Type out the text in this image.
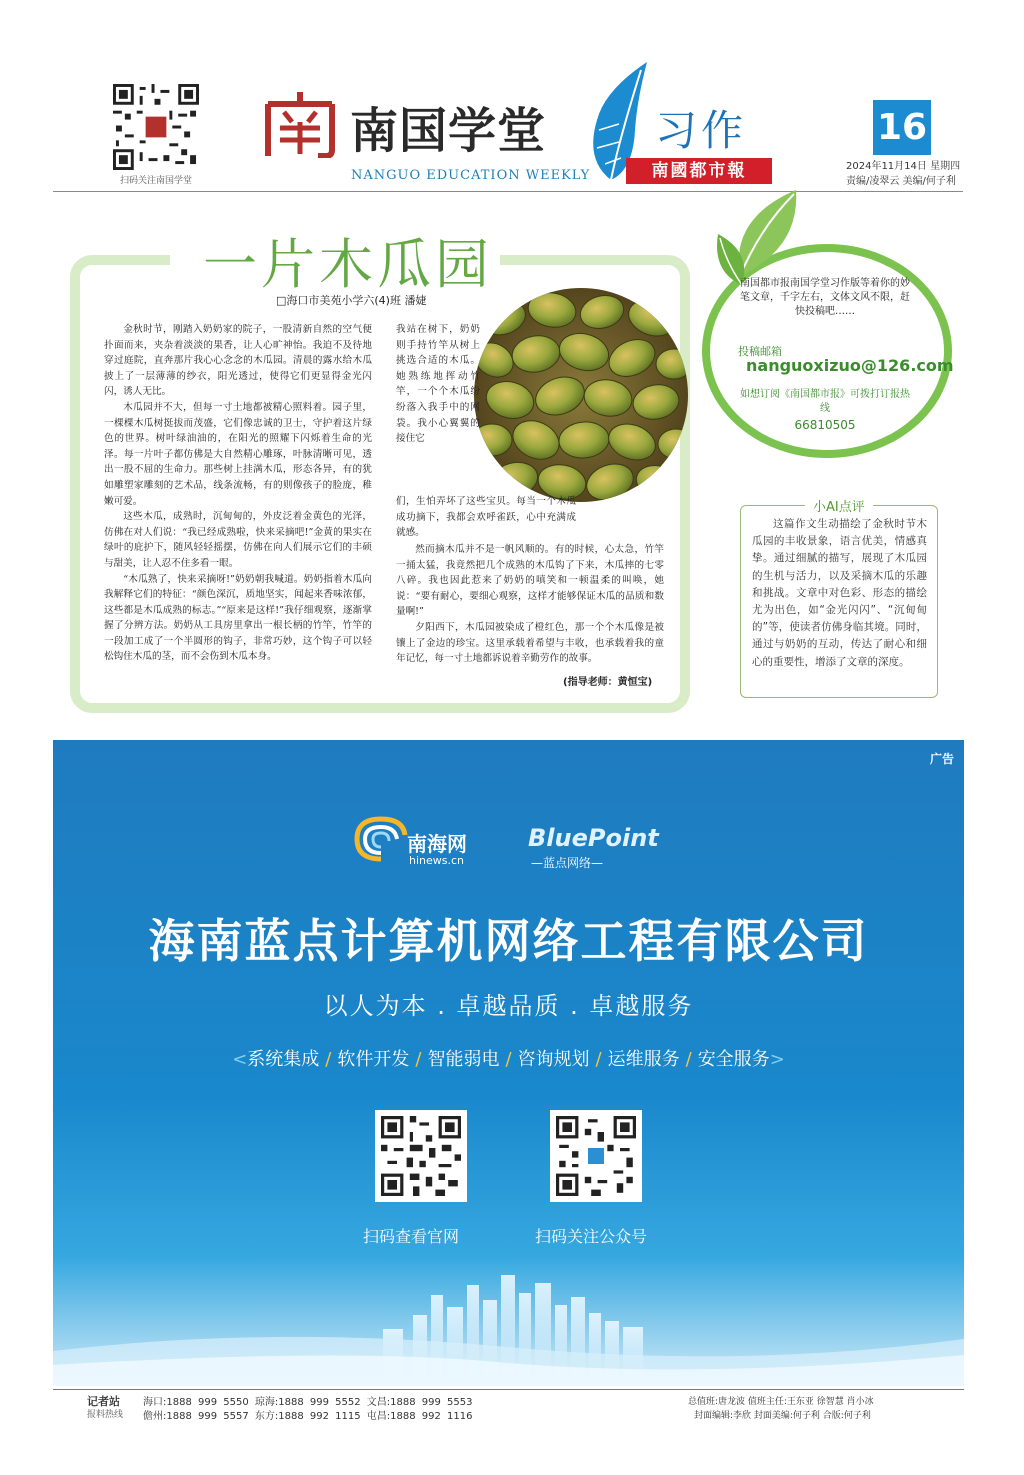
扫码关注南国学堂
南国学堂
NANGUO EDUCATION WEEKLY
习作
南國都市報
16
2024年11月14日 星期四
责编/凌翠云 美编/何子利
一片木瓜园
□海口市美苑小学六(4)班 潘婕

金秋时节，刚踏入奶奶家的院子，一股清新自然的空气便扑面而来，夹杂着淡淡的果香，让人心旷神怡。我迫不及待地穿过庭院，直奔那片我心心念念的木瓜园。清晨的露水给木瓜披上了一层薄薄的纱衣，阳光透过，使得它们更显得金光闪闪，诱人无比。

木瓜园并不大，但每一寸土地都被精心照料着。园子里，一棵棵木瓜树挺拔而茂盛，它们像忠诚的卫士，守护着这片绿色的世界。树叶绿油油的，在阳光的照耀下闪烁着生命的光泽。每一片叶子都仿佛是大自然精心雕琢，叶脉清晰可见，透出一股不屈的生命力。那些树上挂满木瓜，形态各异，有的犹如雕塑家雕刻的艺术品，线条流畅，有的则像孩子的脸庞，稚嫩可爱。

这些木瓜，成熟时，沉甸甸的，外皮泛着金黄色的光泽，仿佛在对人们说：“我已经成熟啦，快来采摘吧!”金黄的果实在绿叶的庇护下，随风轻轻摇摆，仿佛在向人们展示它们的丰硕与甜美，让人忍不住多看一眼。

“木瓜熟了，快来采摘呀!”奶奶朝我喊道。奶奶指着木瓜向我解释它们的特征：“颜色深沉，质地坚实，闻起来香味浓郁，这些都是木瓜成熟的标志。”“原来是这样!”我仔细观察，逐渐掌握了分辨方法。奶奶从工具房里拿出一根长柄的竹竿，竹竿的一段加工成了一个半圆形的钩子，非常巧妙，这个钩子可以轻松钩住木瓜的茎，而不会伤到木瓜本身。

我站在树下，奶奶则手持竹竿从树上挑选合适的木瓜。她熟练地挥动竹竿，一个个木瓜纷纷落入我手中的网袋。我小心翼翼的接住它

们，生怕弄坏了这些宝贝。每当一个木瓜成功摘下，我都会欢呼雀跃，心中充满成就感。

然而摘木瓜并不是一帆风顺的。有的时候，心太急，竹竿一捅太猛，我竟然把几个成熟的木瓜钩了下来，木瓜摔的七零八碎。我也因此惹来了奶奶的嗔笑和一顿温柔的叫唤，她说：“要有耐心，要细心观察，这样才能够保证木瓜的品质和数量啊!”

夕阳西下，木瓜园被染成了橙红色，那一个个木瓜像是被镶上了金边的珍宝。这里承载着希望与丰收，也承载着我的童年记忆，每一寸土地都诉说着辛勤劳作的故事。

(指导老师：黄恒宝)
南国都市报南国学堂习作版等着你的妙笔文章，千字左右，文体文风不限，赶快投稿吧……
投稿邮箱
nanguoxizuo@126.com
如想订阅《南国都市报》可拨打订报热线
66810505
小AI点评
这篇作文生动描绘了金秋时节木瓜园的丰收景象，语言优美，情感真挚。通过细腻的描写，展现了木瓜园的生机与活力，以及采摘木瓜的乐趣和挑战。文章中对色彩、形态的描绘尤为出色，如“金光闪闪”、“沉甸甸的”等，使读者仿佛身临其境。同时，通过与奶奶的互动，传达了耐心和细心的重要性，增添了文章的深度。
广告
南海网
hinews.cn
BluePoint
—蓝点网络—
海南蓝点计算机网络工程有限公司
以人为本 . 卓越品质 . 卓越服务
<系统集成 / 软件开发 / 智能弱电 / 咨询规划 / 运维服务 / 安全服务>
扫码查看官网	扫码关注公众号
记者站
报料热线
海口:1888 999 5550 琼海:1888 999 5552 文昌:1888 999 5553
儋州:1888 999 5557 东方:1888 992 1115 屯昌:1888 992 1116
总值班:唐龙波 值班主任:王东亚 徐智慧 肖小冰
封面编辑:李欣 封面美编:何子利 合版:何子利
